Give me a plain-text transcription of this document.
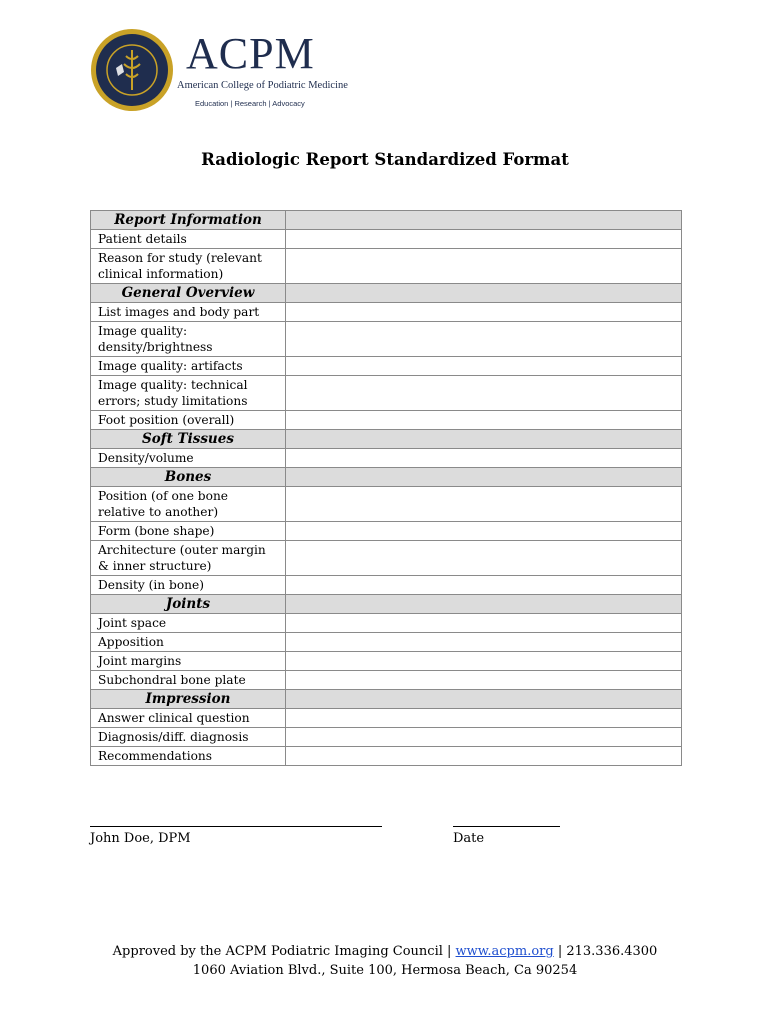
ACPM
American College of Podiatric Medicine
Education | Research | Advocacy
Radiologic Report Standardized Format
Report Information	
Patient details	
Reason for study (relevant clinical information)	
General Overview	
List images and body part	
Image quality: density/brightness	
Image quality: artifacts	
Image quality: technical errors; study limitations	
Foot position (overall)	
Soft Tissues	
Density/volume	
Bones	
Position (of one bone relative to another)	
Form (bone shape)	
Architecture (outer margin & inner structure)	
Density (in bone)	
Joints	
Joint space	
Apposition	
Joint margins	
Subchondral bone plate	
Impression	
Answer clinical question	
Diagnosis/diff. diagnosis	
Recommendations	
John Doe, DPM	Date
Approved by the ACPM Podiatric Imaging Council | www.acpm.org | 213.336.4300
1060 Aviation Blvd., Suite 100, Hermosa Beach, Ca 90254
